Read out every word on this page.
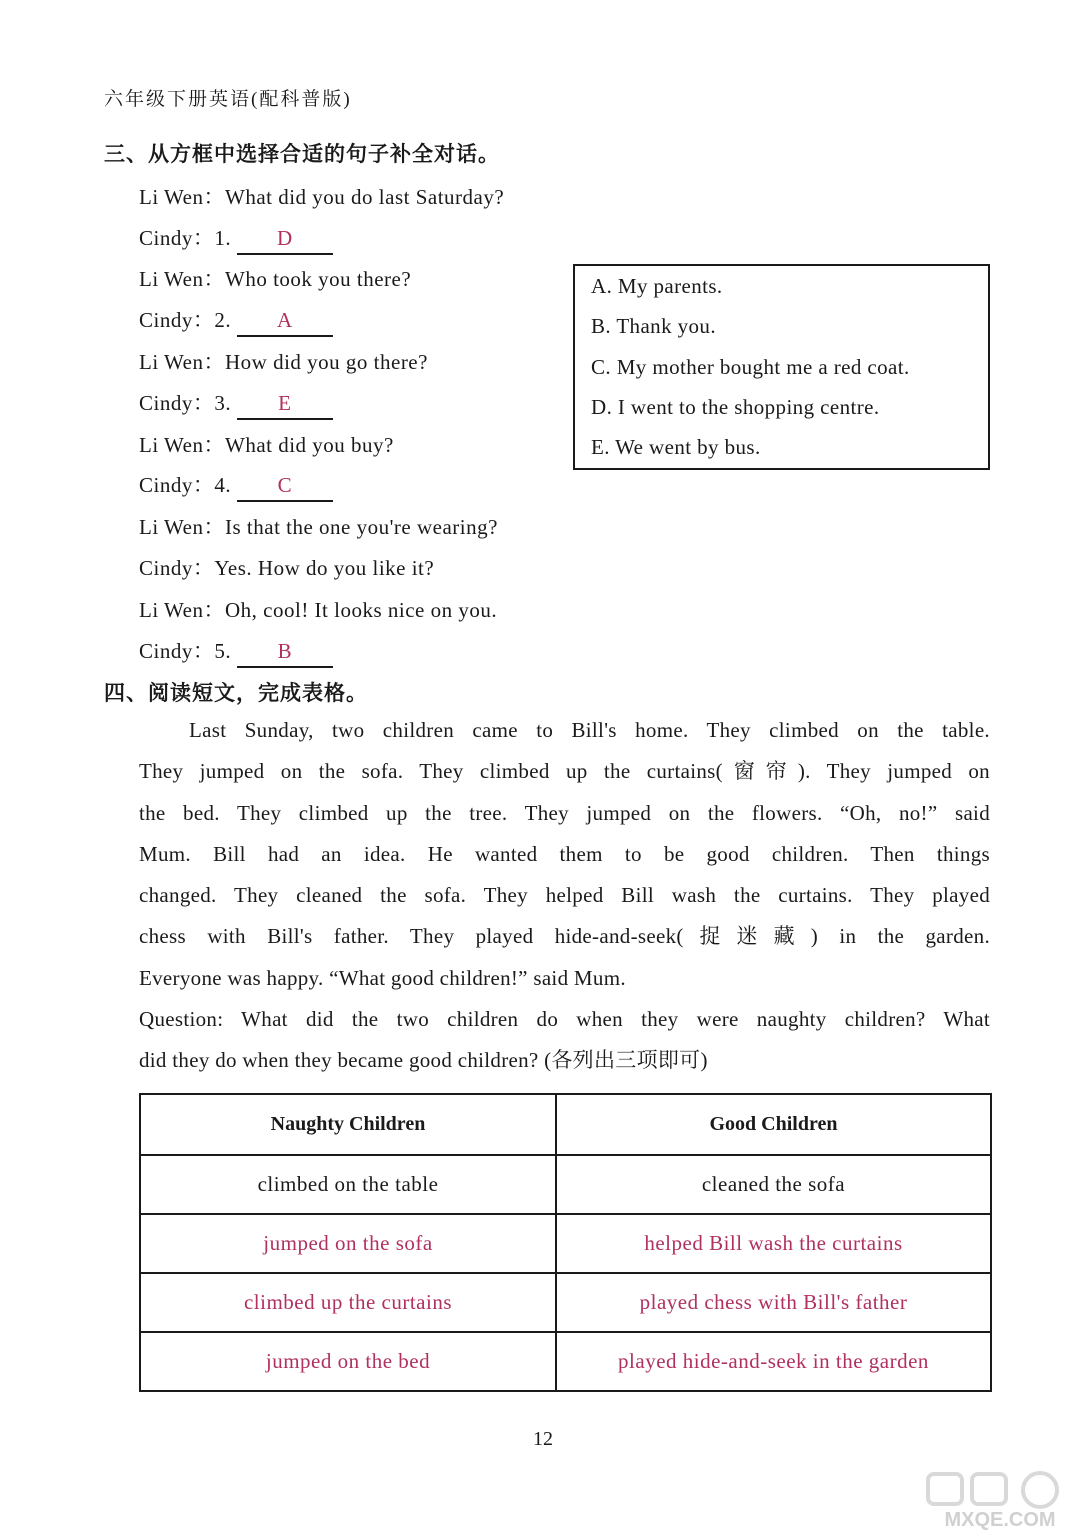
六年级下册英语(配科普版)
三、从方框中选择合适的句子补全对话。
Li Wen：What did you do last Saturday?
Cindy：1. D
Li Wen：Who took you there?
Cindy：2. A
Li Wen：How did you go there?
Cindy：3. E
Li Wen：What did you buy?
Cindy：4. C
Li Wen：Is that the one you're wearing?
Cindy：Yes. How do you like it?
Li Wen：Oh, cool! It looks nice on you.
Cindy：5. B
A. My parents.
B. Thank you.
C. My mother bought me a red coat.
D. I went to the shopping centre.
E. We went by bus.
四、阅读短文，完成表格。
Last Sunday, two children came to Bill's home. They climbed on the table.
They jumped on the sofa. They climbed up the curtains(窗帘). They jumped on
the bed. They climbed up the tree. They jumped on the flowers. “Oh, no!” said
Mum. Bill had an idea. He wanted them to be good children. Then things
changed. They cleaned the sofa. They helped Bill wash the curtains. They played
chess with Bill's father. They played hide-and-seek(捉迷藏) in the garden.
Everyone was happy. “What good children!” said Mum.
Question: What did the two children do when they were naughty children? What
did they do when they became good children? (各列出三项即可)
Naughty Children	Good Children
climbed on the table	cleaned the sofa
jumped on the sofa	helped Bill wash the curtains
climbed up the curtains	played chess with Bill's father
jumped on the bed	played hide-and-seek in the garden
12
MXQE.COM
